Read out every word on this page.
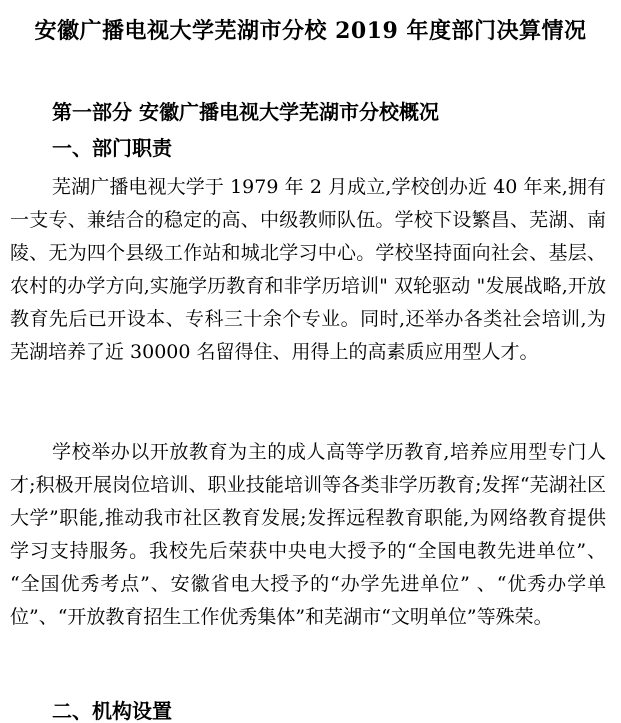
安徽广播电视大学芜湖市分校 2019 年度部门决算情况
第一部分 安徽广播电视大学芜湖市分校概况
一、部门职责
芜湖广播电视大学于 1979 年 2 月成立,学校创办近 40 年来,拥有一支专、兼结合的稳定的高、中级教师队伍。学校下设繁昌、芜湖、南陵、无为四个县级工作站和城北学习中心。学校坚持面向社会、基层、农村的办学方向,实施学历教育和非学历培训" 双轮驱动 "发展战略,开放教育先后已开设本、专科三十余个专业。同时,还举办各类社会培训,为芜湖培养了近 30000 名留得住、用得上的高素质应用型人才。
学校举办以开放教育为主的成人高等学历教育,培养应用型专门人才;积极开展岗位培训、职业技能培训等各类非学历教育;发挥“芜湖社区大学”职能,推动我市社区教育发展;发挥远程教育职能,为网络教育提供学习支持服务。我校先后荣获中央电大授予的“全国电教先进单位”、 “全国优秀考点”、安徽省电大授予的“办学先进单位” 、“优秀办学单位”、“开放教育招生工作优秀集体”和芜湖市“文明单位”等殊荣。
二、机构设置
